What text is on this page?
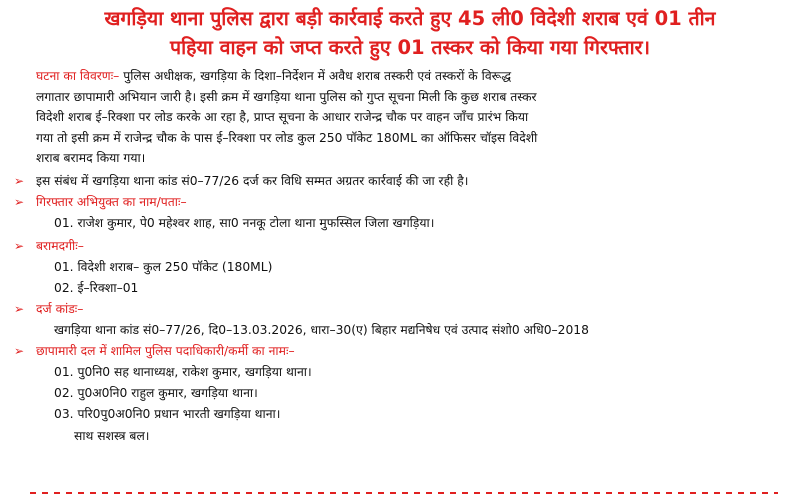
खगड़िया थाना पुलिस द्वारा बड़ी कार्रवाई करते हुए 45 ली0 विदेशी शराब एवं 01 तीन
पहिया वाहन को जप्त करते हुए 01 तस्कर को किया गया गिरफ्तार।
घटना का विवरणः– पुलिस अधीक्षक, खगड़िया के दिशा–निर्देशन में अवैध शराब तस्करी एवं तस्करों के विरूद्ध
लगातार छापामारी अभियान जारी है। इसी क्रम में खगड़िया थाना पुलिस को गुप्त सूचना मिली कि कुछ शराब तस्कर
विदेशी शराब ई–रिक्शा पर लोड करके आ रहा है, प्राप्त सूचना के आधार राजेन्द्र चौक पर वाहन जाँच प्रारंभ किया
गया तो इसी क्रम में राजेन्द्र चौक के पास ई–रिक्शा पर लोड कुल 250 पॉकेट 180ML का ऑफिसर चॉइस विदेशी
शराब बरामद किया गया।
➢ इस संबंध में खगड़िया थाना कांड सं0–77/26 दर्ज कर विधि सम्मत अग्रतर कार्रवाई की जा रही है।
➢ गिरफ्तार अभियुक्त का नाम/पताः–
01. राजेश कुमार, पे0 महेश्वर शाह, सा0 ननकू टोला थाना मुफस्सिल जिला खगड़िया।
➢ बरामदगीः–
01. विदेशी शराब– कुल 250 पॉकेट (180ML)
02. ई–रिक्शा–01
➢ दर्ज कांडः–
खगड़िया थाना कांड सं0–77/26, दि0–13.03.2026, धारा–30(ए) बिहार मद्यनिषेध एवं उत्पाद संशो0 अधि0–2018
➢ छापामारी दल में शामिल पुलिस पदाधिकारी/कर्मी का नामः–
01. पु0नि0 सह थानाध्यक्ष, राकेश कुमार, खगड़िया थाना।
02. पु0अ0नि0 राहुल कुमार, खगड़िया थाना।
03. परि0पु0अ0नि0 प्रधान भारती खगड़िया थाना।
साथ सशस्त्र बल।
